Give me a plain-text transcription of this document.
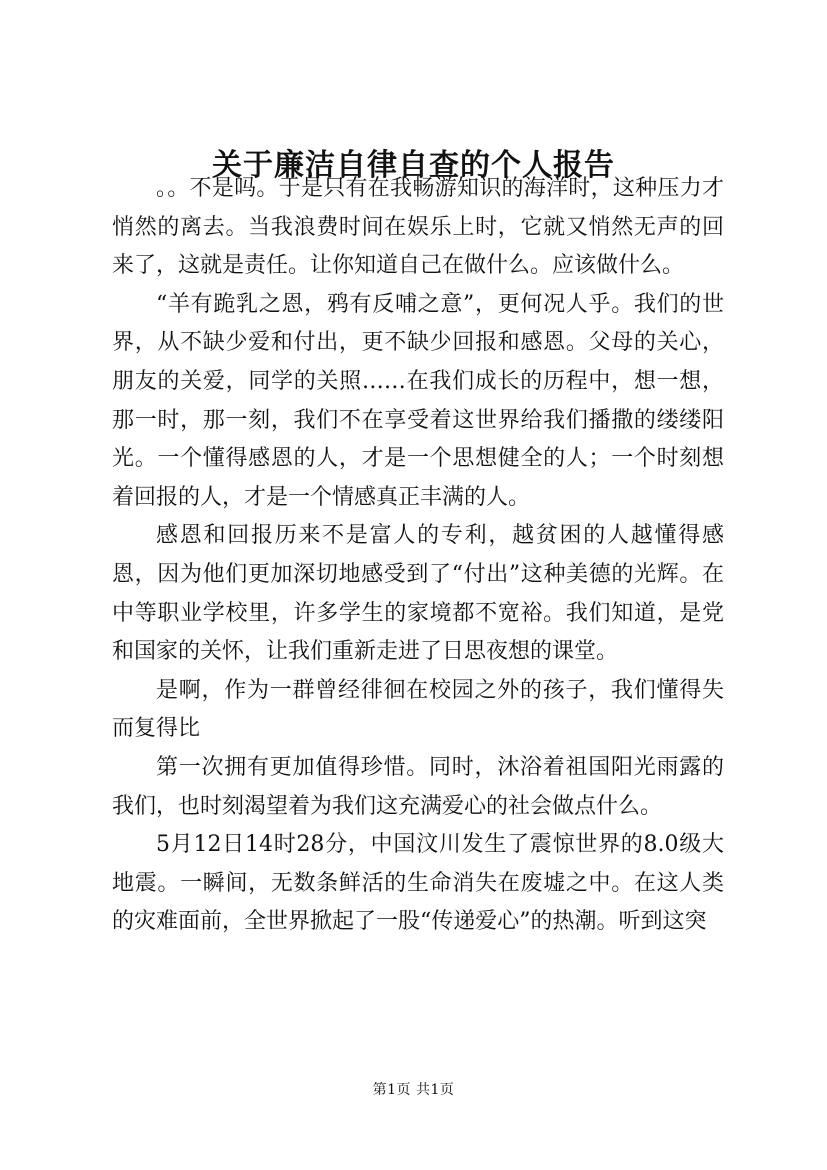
关于廉洁自律自查的个人报告

。。不是吗。于是只有在我畅游知识的海洋时，这种压力才悄然的离去。当我浪费时间在娱乐上时，它就又悄然无声的回来了，这就是责任。让你知道自己在做什么。应该做什么。

“羊有跪乳之恩，鸦有反哺之意”，更何况人乎。我们的世界，从不缺少爱和付出，更不缺少回报和感恩。父母的关心，朋友的关爱，同学的关照……在我们成长的历程中，想一想，那一时，那一刻，我们不在享受着这世界给我们播撒的缕缕阳光。一个懂得感恩的人，才是一个思想健全的人；一个时刻想着回报的人，才是一个情感真正丰满的人。

感恩和回报历来不是富人的专利，越贫困的人越懂得感恩，因为他们更加深切地感受到了“付出”这种美德的光辉。在中等职业学校里，许多学生的家境都不宽裕。我们知道，是党和国家的关怀，让我们重新走进了日思夜想的课堂。

是啊，作为一群曾经徘徊在校园之外的孩子，我们懂得失而复得比

第一次拥有更加值得珍惜。同时，沐浴着祖国阳光雨露的我们，也时刻渴望着为我们这充满爱心的社会做点什么。

5月12日14时28分，中国汶川发生了震惊世界的8.0级大地震。一瞬间，无数条鲜活的生命消失在废墟之中。在这人类的灾难面前，全世界掀起了一股“传递爱心”的热潮。听到这突

第1页 共1页
